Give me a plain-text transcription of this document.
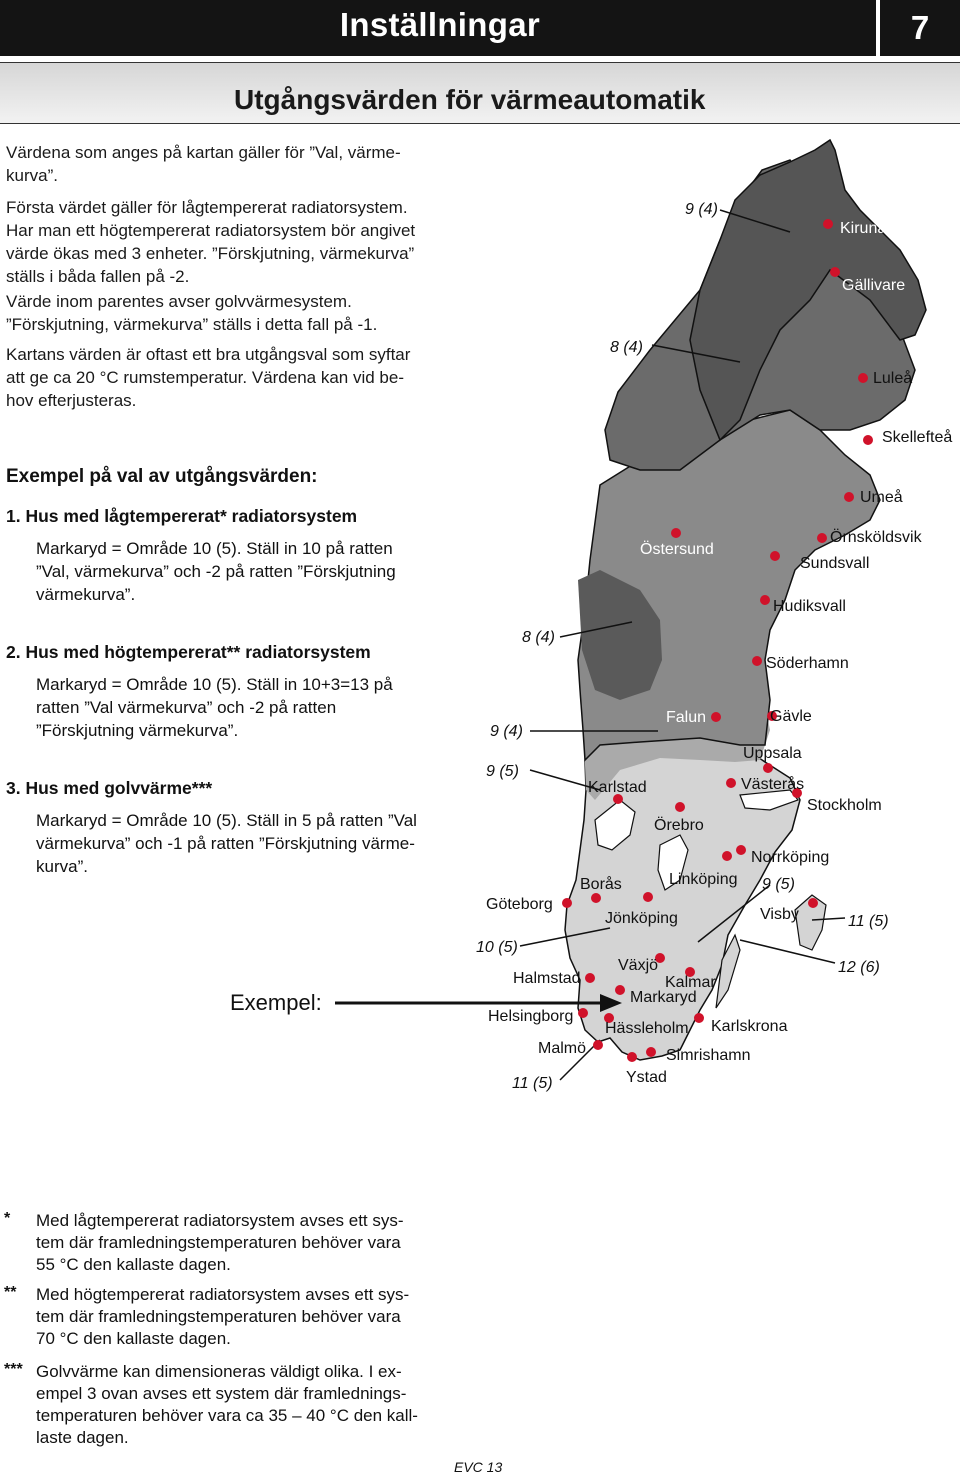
Inställningar	7
Utgångsvärden för värmeautomatik
Värdena som anges på kartan gäller för ”Val, värme-
kurva”.
Första värdet gäller för lågtempererat radiatorsystem.
Har man ett högtempererat radiatorsystem bör angivet
värde ökas med 3 enheter. ”Förskjutning, värmekurva”
ställs i båda fallen på -2.
Värde inom parentes avser golvvärmesystem.
”Förskjutning, värmekurva” ställs i detta fall på -1.
Kartans värden är oftast ett bra utgångsval som syftar
att ge ca 20 °C rumstemperatur. Värdena kan vid be-
hov efterjusteras.
Exempel på val av utgångsvärden:
1. Hus med lågtempererat* radiatorsystem
Markaryd = Område 10 (5). Ställ in 10 på ratten
”Val, värmekurva” och -2 på ratten ”Förskjutning
värmekurva”.
2. Hus med högtempererat** radiatorsystem
Markaryd = Område 10 (5). Ställ in 10+3=13 på
ratten ”Val värmekurva” och -2 på ratten
”Förskjutning värmekurva”.
3. Hus med golvvärme***
Markaryd = Område 10 (5). Ställ in 5 på ratten ”Val
värmekurva” och -1 på ratten ”Förskjutning värme-
kurva”.
Exempel:
9 (4)
8 (4)
8 (4)
9 (4)
9 (5)
9 (5)
10 (5)
11 (5)
12 (6)
11 (5)
Kiruna
Gällivare
Luleå
Skellefteå
Umeå
Örnsköldsvik
Sundsvall
Östersund
Hudiksvall
Söderhamn
Falun	Gävle
Uppsala
Västerås
Stockholm
Karlstad
Örebro
Norrköping
Linköping
Borås
Göteborg
Jönköping	Visby
Växjö
Halmstad	Kalmar
Markaryd
Helsingborg
Hässleholm Karlskrona
Malmö	Simrishamn
Ystad
* Med lågtempererat radiatorsystem avses ett sys-
tem där framledningstemperaturen behöver vara
55 °C den kallaste dagen.
** Med högtempererat radiatorsystem avses ett sys-
tem där framledningstemperaturen behöver vara
70 °C den kallaste dagen.
*** Golvvärme kan dimensioneras väldigt olika. I ex-
empel 3 ovan avses ett system där framlednings-
temperaturen behöver vara ca 35 – 40 °C den kall-
laste dagen.
EVC 13
